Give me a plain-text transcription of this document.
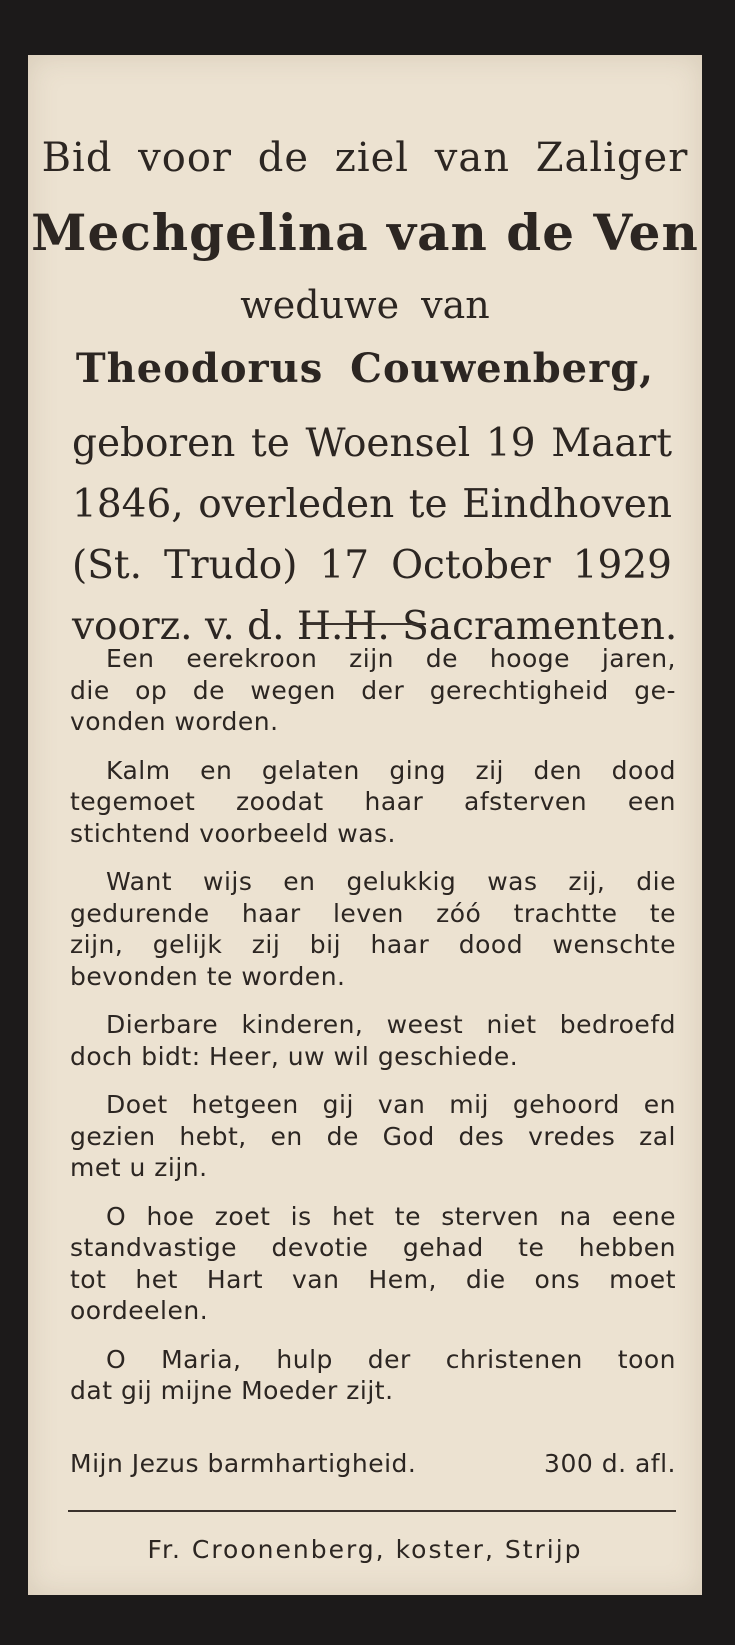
Bid voor de ziel van Zaliger
Mechgelina van de Ven
weduwe van
Theodorus Couwenberg,
geboren te Woensel 19 Maart
1846, overleden te Eindhoven
(St. Trudo) 17 October 1929
voorz. v. d. H.H. Sacramenten.
Een eerekroon zijn de hooge jaren,
die op de wegen der gerechtigheid ge-
vonden worden.
Kalm en gelaten ging zij den dood
tegemoet zoodat haar afsterven een
stichtend voorbeeld was.
Want wijs en gelukkig was zij, die
gedurende haar leven zóó trachtte te
zijn, gelijk zij bij haar dood wenschte
bevonden te worden.
Dierbare kinderen, weest niet bedroefd
doch bidt: Heer, uw wil geschiede.
Doet hetgeen gij van mij gehoord en
gezien hebt, en de God des vredes zal
met u zijn.
O hoe zoet is het te sterven na eene
standvastige devotie gehad te hebben
tot het Hart van Hem, die ons moet
oordeelen.
O Maria, hulp der christenen toon
dat gij mijne Moeder zijt.
Mijn Jezus barmhartigheid.	300 d. afl.
Fr. Croonenberg, koster, Strijp
